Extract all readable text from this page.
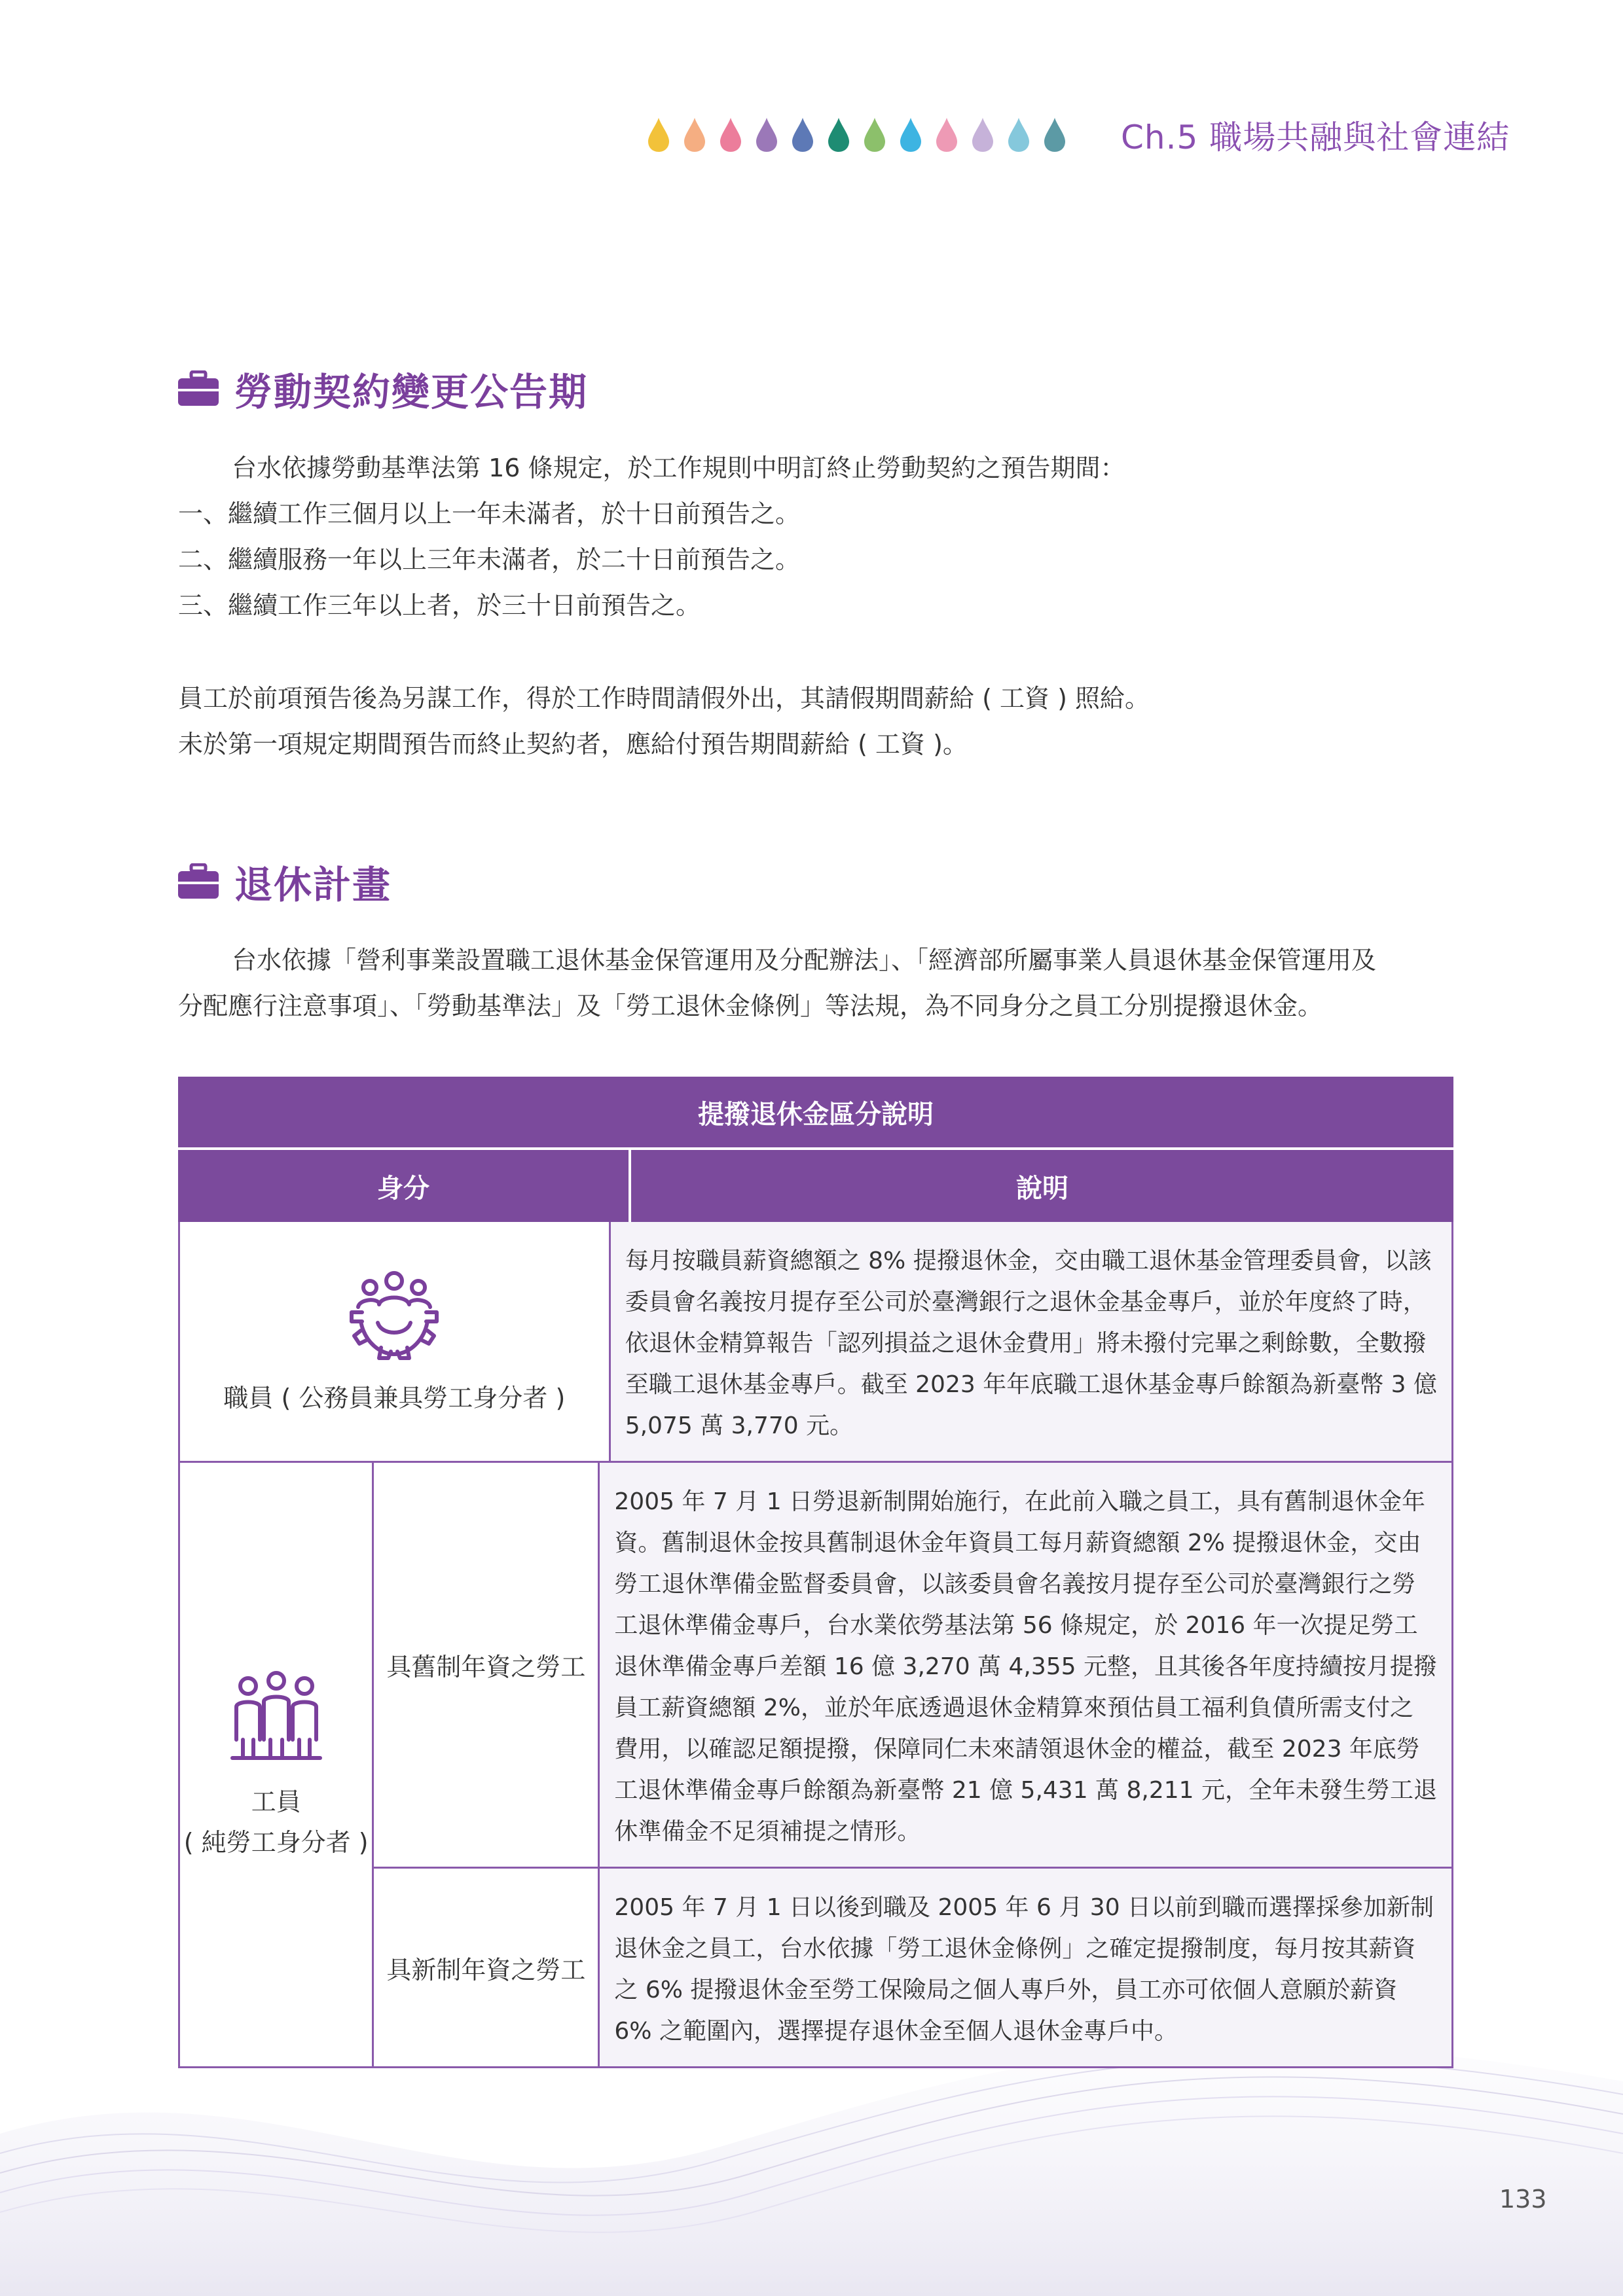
Ch.5 職場共融與社會連結
勞動契約變更公告期
台水依據勞動基準法第 16 條規定，於工作規則中明訂終止勞動契約之預告期間：
一、繼續工作三個月以上一年未滿者，於十日前預告之。
二、繼續服務一年以上三年未滿者，於二十日前預告之。
三、繼續工作三年以上者，於三十日前預告之。
員工於前項預告後為另謀工作，得於工作時間請假外出，其請假期間薪給 ( 工資 ) 照給。
未於第一項規定期間預告而終止契約者，應給付預告期間薪給 ( 工資 )。
退休計畫
台水依據「營利事業設置職工退休基金保管運用及分配辦法」、「經濟部所屬事業人員退休基金保管運用及
分配應行注意事項」、「勞動基準法」及「勞工退休金條例」等法規，為不同身分之員工分別提撥退休金。
提撥退休金區分說明
身分	說明
職員 ( 公務員兼具勞工身分者 )
每月按職員薪資總額之 8% 提撥退休金，交由職工退休基金管理委員會，以該
委員會名義按月提存至公司於臺灣銀行之退休金基金專戶，並於年度終了時，
依退休金精算報告「認列損益之退休金費用」將未撥付完畢之剩餘數，全數撥
至職工退休基金專戶。截至 2023 年年底職工退休基金專戶餘額為新臺幣 3 億
5,075 萬 3,770 元。
工員
( 純勞工身分者 )
具舊制年資之勞工
2005 年 7 月 1 日勞退新制開始施行，在此前入職之員工，具有舊制退休金年
資。舊制退休金按具舊制退休金年資員工每月薪資總額 2% 提撥退休金，交由
勞工退休準備金監督委員會，以該委員會名義按月提存至公司於臺灣銀行之勞
工退休準備金專戶，台水業依勞基法第 56 條規定，於 2016 年一次提足勞工
退休準備金專戶差額 16 億 3,270 萬 4,355 元整，且其後各年度持續按月提撥
員工薪資總額 2%，並於年底透過退休金精算來預估員工福利負債所需支付之
費用，以確認足額提撥，保障同仁未來請領退休金的權益，截至 2023 年底勞
工退休準備金專戶餘額為新臺幣 21 億 5,431 萬 8,211 元，全年未發生勞工退
休準備金不足須補提之情形。
具新制年資之勞工
2005 年 7 月 1 日以後到職及 2005 年 6 月 30 日以前到職而選擇採參加新制
退休金之員工，台水依據「勞工退休金條例」之確定提撥制度，每月按其薪資
之 6% 提撥退休金至勞工保險局之個人專戶外，員工亦可依個人意願於薪資
6% 之範圍內，選擇提存退休金至個人退休金專戶中。
133
